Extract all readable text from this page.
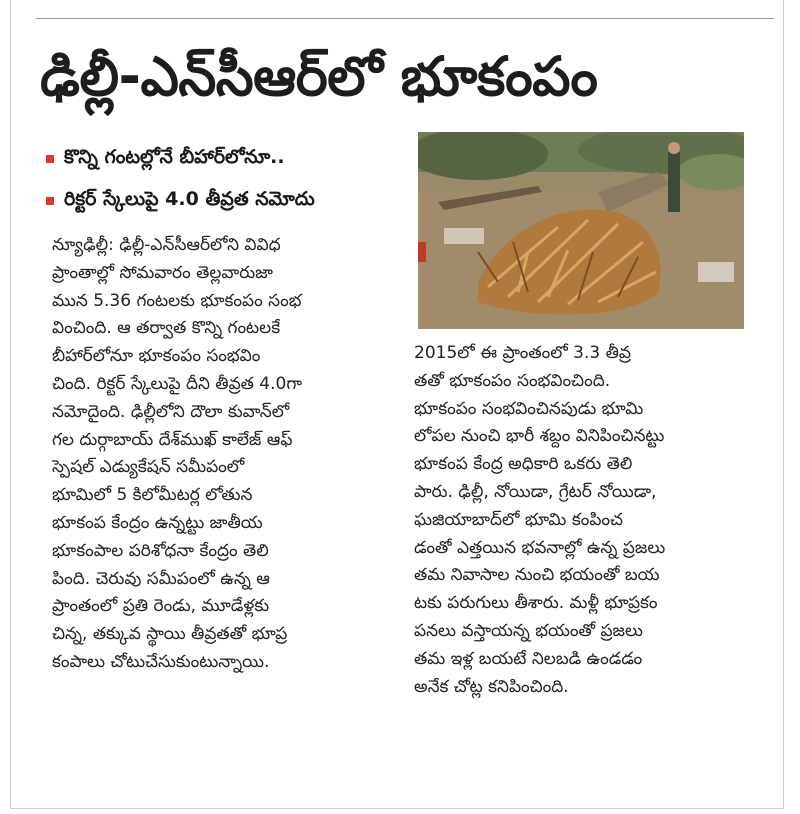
ఢిల్లీ-ఎన్‌సీఆర్‌లో భూకంపం
కొన్ని గంటల్లోనే బీహార్‌లోనూ..
రిక్టర్ స్కేలుపై 4.0 తీవ్రత నమోదు
న్యూఢిల్లీ: ఢిల్లీ-ఎన్‌సీఆర్‌లోని వివిధ
ప్రాంతాల్లో సోమవారం తెల్లవారుజా
మున 5.36 గంటలకు భూకంపం సంభ
వించింది. ఆ తర్వాత కొన్ని గంటలకే
బీహార్‌లోనూ భూకంపం సంభవిం
చింది. రిక్టర్ స్కేలుపై దీని తీవ్రత 4.0గా
నమోదైంది. ఢిల్లీలోని దౌలా కువాన్‌లో
గల దుర్గాబాయ్ దేశ్‌ముఖ్ కాలేజ్ ఆఫ్
స్పెషల్ ఎడ్యుకేషన్ సమీపంలో
భూమిలో 5 కిలోమీటర్ల లోతున
భూకంప కేంద్రం ఉన్నట్టు జాతీయ
భూకంపాల పరిశోధనా కేంద్రం తెలి
పింది. చెరువు సమీపంలో ఉన్న ఆ
ప్రాంతంలో ప్రతి రెండు, మూడేళ్లకు
చిన్న, తక్కువ స్థాయి తీవ్రతతో భూప్ర
కంపాలు చోటుచేసుకుంటున్నాయి.
2015లో ఈ ప్రాంతంలో 3.3 తీవ్ర
తతో భూకంపం సంభవించింది.
భూకంపం సంభవించినపుడు భూమి
లోపల నుంచి భారీ శబ్దం వినిపించినట్టు
భూకంప కేంద్ర అధికారి ఒకరు తెలి
పారు. ఢిల్లీ, నోయిడా, గ్రేటర్ నోయిడా,
ఘజియాబాద్‌లో భూమి కంపించ
డంతో ఎత్తయిన భవనాల్లో ఉన్న ప్రజలు
తమ నివాసాల నుంచి భయంతో బయ
టకు పరుగులు తీశారు. మళ్లీ భూప్రకం
పనలు వస్తాయన్న భయంతో ప్రజలు
తమ ఇళ్ల బయటే నిలబడి ఉండడం
అనేక చోట్ల కనిపించింది.
